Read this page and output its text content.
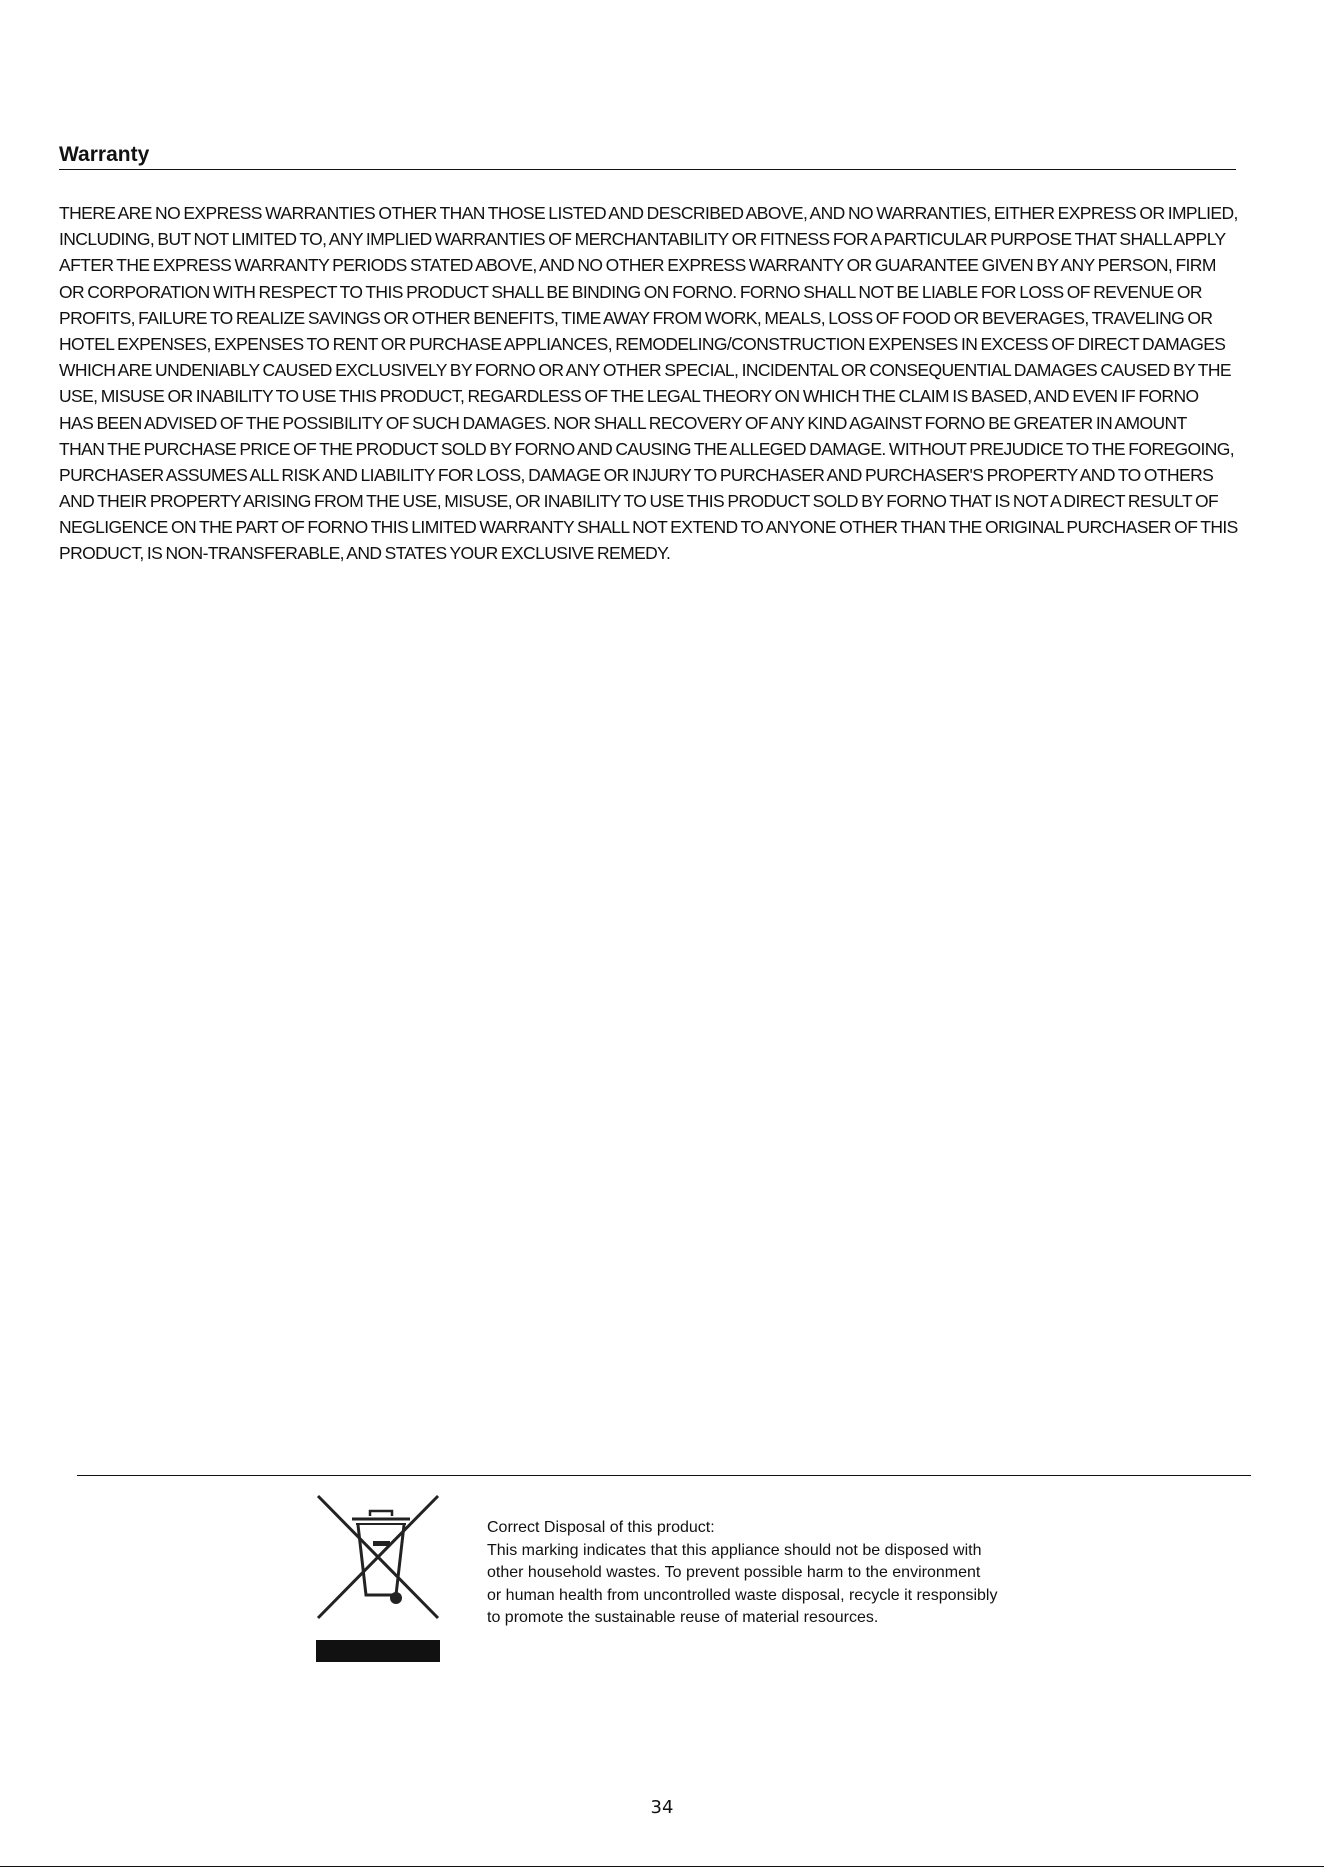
Warranty
THERE ARE NO EXPRESS WARRANTIES OTHER THAN THOSE LISTED AND DESCRIBED ABOVE, AND NO WARRANTIES, EITHER EXPRESS OR IMPLIED,
INCLUDING, BUT NOT LIMITED TO, ANY IMPLIED WARRANTIES OF MERCHANTABILITY OR FITNESS FOR A PARTICULAR PURPOSE THAT SHALL APPLY
AFTER THE EXPRESS WARRANTY PERIODS STATED ABOVE, AND NO OTHER EXPRESS WARRANTY OR GUARANTEE GIVEN BY ANY PERSON, FIRM
OR CORPORATION WITH RESPECT TO THIS PRODUCT SHALL BE BINDING ON FORNO. FORNO SHALL NOT BE LIABLE FOR LOSS OF REVENUE OR
PROFITS, FAILURE TO REALIZE SAVINGS OR OTHER BENEFITS, TIME AWAY FROM WORK, MEALS, LOSS OF FOOD OR BEVERAGES, TRAVELING OR
HOTEL EXPENSES, EXPENSES TO RENT OR PURCHASE APPLIANCES, REMODELING/CONSTRUCTION EXPENSES IN EXCESS OF DIRECT DAMAGES
WHICH ARE UNDENIABLY CAUSED EXCLUSIVELY BY FORNO OR ANY OTHER SPECIAL, INCIDENTAL OR CONSEQUENTIAL DAMAGES CAUSED BY THE
USE, MISUSE OR INABILITY TO USE THIS PRODUCT, REGARDLESS OF THE LEGAL THEORY ON WHICH THE CLAIM IS BASED, AND EVEN IF FORNO
HAS BEEN ADVISED OF THE POSSIBILITY OF SUCH DAMAGES. NOR SHALL RECOVERY OF ANY KIND AGAINST FORNO BE GREATER IN AMOUNT
THAN THE PURCHASE PRICE OF THE PRODUCT SOLD BY FORNO AND CAUSING THE ALLEGED DAMAGE. WITHOUT PREJUDICE TO THE FOREGOING,
PURCHASER ASSUMES ALL RISK AND LIABILITY FOR LOSS, DAMAGE OR INJURY TO PURCHASER AND PURCHASER'S PROPERTY AND TO OTHERS
AND THEIR PROPERTY ARISING FROM THE USE, MISUSE, OR INABILITY TO USE THIS PRODUCT SOLD BY FORNO THAT IS NOT A DIRECT RESULT OF
NEGLIGENCE ON THE PART OF FORNO THIS LIMITED WARRANTY SHALL NOT EXTEND TO ANYONE OTHER THAN THE ORIGINAL PURCHASER OF THIS
PRODUCT, IS NON-TRANSFERABLE, AND STATES YOUR EXCLUSIVE REMEDY.
Correct Disposal of this product:
This marking indicates that this appliance should not be disposed with
other household wastes. To prevent possible harm to the environment
or human health from uncontrolled waste disposal, recycle it responsibly
to promote the sustainable reuse of material resources.
34
